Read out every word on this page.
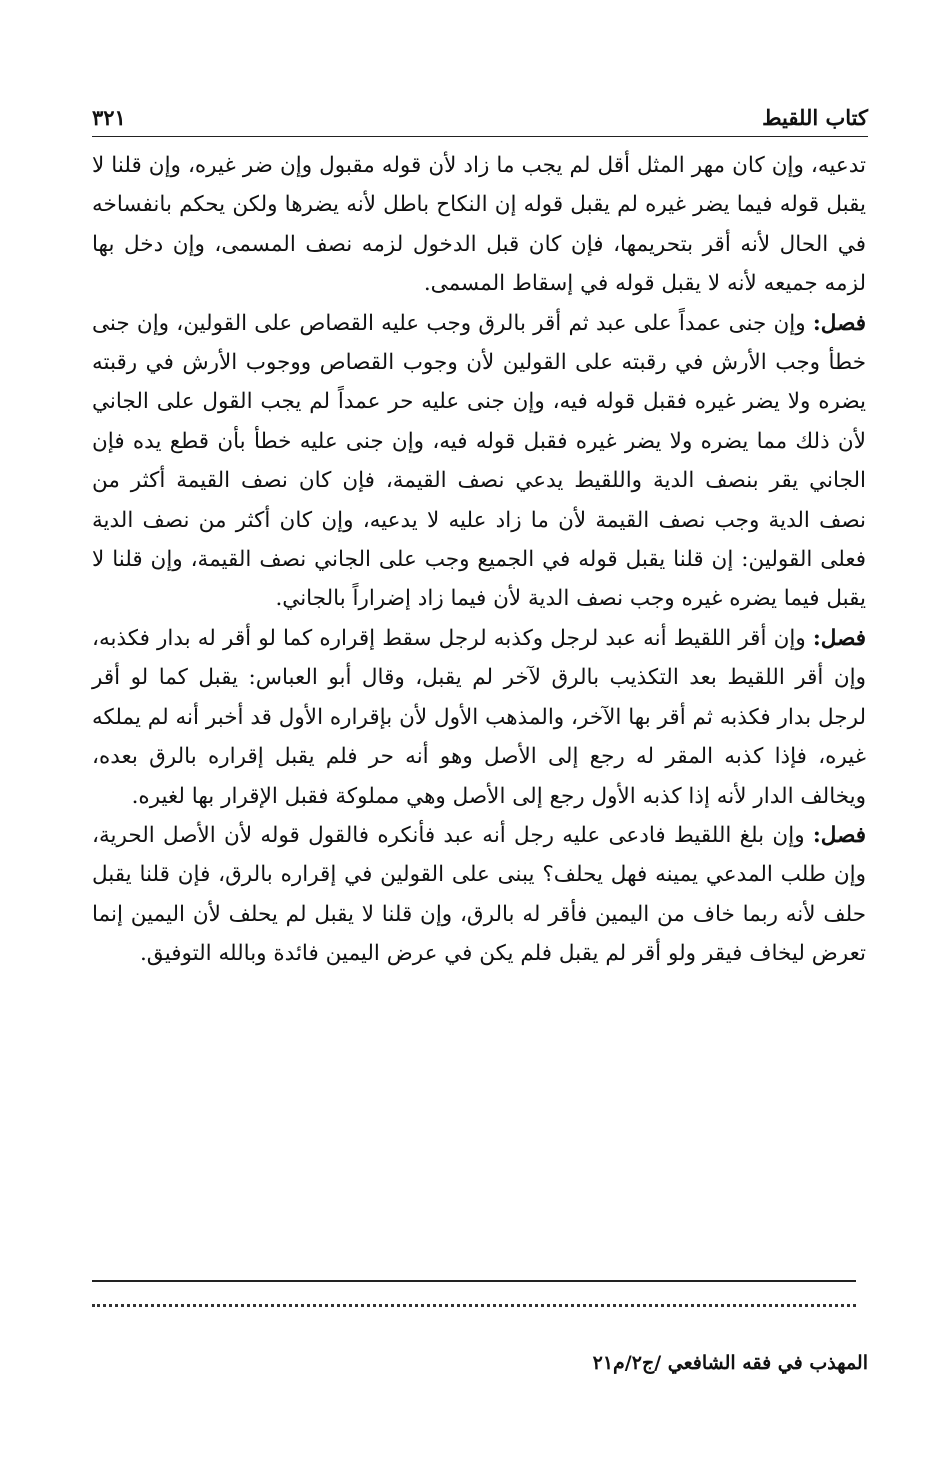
كتاب اللقيط
٣٢١

تدعيه، وإن كان مهر المثل أقل لم يجب ما زاد لأن قوله مقبول وإن ضر غيره، وإن قلنا لا يقبل قوله فيما يضر غيره لم يقبل قوله إن النكاح باطل لأنه يضرها ولكن يحكم بانفساخه في الحال لأنه أقر بتحريمها، فإن كان قبل الدخول لزمه نصف المسمى، وإن دخل بها لزمه جميعه لأنه لا يقبل قوله في إسقاط المسمى.

فصل: وإن جنى عمداً على عبد ثم أقر بالرق وجب عليه القصاص على القولين، وإن جنى خطأ وجب الأرش في رقبته على القولين لأن وجوب القصاص ووجوب الأرش في رقبته يضره ولا يضر غيره فقبل قوله فيه، وإن جنى عليه حر عمداً لم يجب القول على الجاني لأن ذلك مما يضره ولا يضر غيره فقبل قوله فيه، وإن جنى عليه خطأ بأن قطع يده فإن الجاني يقر بنصف الدية واللقيط يدعي نصف القيمة، فإن كان نصف القيمة أكثر من نصف الدية وجب نصف القيمة لأن ما زاد عليه لا يدعيه، وإن كان أكثر من نصف الدية فعلى القولين: إن قلنا يقبل قوله في الجميع وجب على الجاني نصف القيمة، وإن قلنا لا يقبل فيما يضره غيره وجب نصف الدية لأن فيما زاد إضراراً بالجاني.

فصل: وإن أقر اللقيط أنه عبد لرجل وكذبه لرجل سقط إقراره كما لو أقر له بدار فكذبه، وإن أقر اللقيط بعد التكذيب بالرق لآخر لم يقبل، وقال أبو العباس: يقبل كما لو أقر لرجل بدار فكذبه ثم أقر بها الآخر، والمذهب الأول لأن بإقراره الأول قد أخبر أنه لم يملكه غيره، فإذا كذبه المقر له رجع إلى الأصل وهو أنه حر فلم يقبل إقراره بالرق بعده، ويخالف الدار لأنه إذا كذبه الأول رجع إلى الأصل وهي مملوكة فقبل الإقرار بها لغيره.

فصل: وإن بلغ اللقيط فادعى عليه رجل أنه عبد فأنكره فالقول قوله لأن الأصل الحرية، وإن طلب المدعي يمينه فهل يحلف؟ يبنى على القولين في إقراره بالرق، فإن قلنا يقبل حلف لأنه ربما خاف من اليمين فأقر له بالرق، وإن قلنا لا يقبل لم يحلف لأن اليمين إنما تعرض ليخاف فيقر ولو أقر لم يقبل فلم يكن في عرض اليمين فائدة وبالله التوفيق.

المهذب في فقه الشافعي /ج٢/م٢١
